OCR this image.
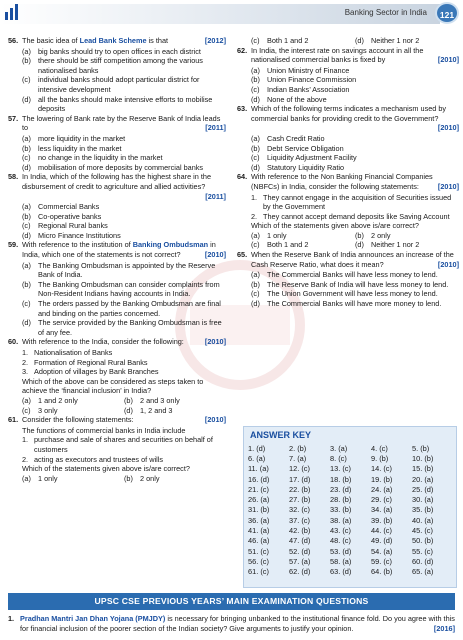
Banking Sector in India	121
56. The basic idea of Lead Bank Scheme is that	[2012]
(a) big banks should try to open offices in each district
(b) there should be stiff competition among the various nationalised banks
(c)	individual banks should adopt particular district for intensive development
(d) all the banks should make intensive efforts to mobilise deposits
57. The lowering of Bank rate by the Reserve Bank of India leads to	[2011]
(a) more liquidity in the market
(b) less liquidity in the market
(c)	no change in the liquidity in the market
(d) mobilisation of more deposits by commercial banks
58. In India, which of the following has the highest share in the disbursement of credit to agriculture and allied activities?
[2011]
(a) Commercial Banks
(b) Co-operative banks
(c)	Regional Rural banks
(d) Micro Finance Institutions
59. With reference to the institution of Banking Ombudsman in India, which one of the statements is not correct?	[2010]
(a) The Banking Ombudsman is appointed by the Reserve Bank of India.
(b) The Banking Ombudsman can consider complaints from Non-Resident Indians having accounts in India.
(c)	The orders passed by the Banking Ombudsman are final and binding on the parties concerned.
(d) The service provided by the Banking Ombudsman is free of any fee.
60. With reference to the India, consider the following:	[2010]
1. Nationalisation of Banks
2. Formation of Regional Rural Banks
3. Adoption of villages by Bank Branches
Which of the above can be considered as steps taken to achieve the ‘financial inclusion’ in India?
(a) 1 and 2 only	(b) 2 and 3 only
(c)	3 only	(d) 1, 2 and 3
61. Consider the following statements:	[2010]
The functions of commercial banks in India include
1. purchase and sale of shares and securities on behalf of customers
2. acting as executors and trustees of wills
Which of the statements given above is/are correct?
(a) 1 only	(b) 2 only
(c)	Both 1 and 2	(d) Neither 1 nor 2
62. In India, the interest rate on savings account in all the nationalised commercial banks is fixed by	[2010]
(a) Union Ministry of Finance
(b) Union Finance Commission
(c)	Indian Banks’ Association
(d) None of the above
63. Which of the following terms indicates a mechanism used by commercial banks for providing credit to the Government?
[2010]
(a) Cash Credit Ratio
(b) Debt Service Obligation
(c)	Liquidity Adjustment Facility
(d) Statutory Liquidity Ratio
64. With reference to the Non Banking Financial Companies (NBFCs) in India, consider the following statements:	[2010]
1. They cannot engage in the acquisition of Securities issued by the Government
2. They cannot accept demand deposits like Saving Account
Which of the statements given above is/are correct?
(a) 1 only	(b) 2 only
(c)	Both 1 and 2	(d) Neither 1 nor 2
65. When the Reserve Bank of India announces an increase of the Cash Reserve Ratio, what does it mean?	[2010]
(a) The Commercial Banks will have less money to lend.
(b) The Reserve Bank of India will have less money to lend.
(c)	The Union Government will have less money to lend.
(d) The Commercial Banks will have more money to lend.
ANSWER KEY
1. (d)	2. (b)	3. (a)	4. (c)	5. (b)
6. (a)	7. (a)	8. (c)	9. (b)	10. (b)
11. (a)	12. (c)	13. (c)	14. (c)	15. (b)
16. (d)	17. (d)	18. (b)	19. (b)	20. (a)
21. (c)	22. (b)	23. (d)	24. (a)	25. (d)
26. (a)	27. (b)	28. (b)	29. (c)	30. (a)
31. (b)	32. (c)	33. (b)	34. (a)	35. (b)
36. (a)	37. (c)	38. (a)	39. (b)	40. (a)
41. (a)	42. (b)	43. (c)	44. (c)	45. (c)
46. (a)	47. (d)	48. (c)	49. (d)	50. (b)
51. (c)	52. (d)	53. (d)	54. (a)	55. (c)
56. (c)	57. (a)	58. (a)	59. (c)	60. (d)
61. (c)	62. (d)	63. (d)	64. (b)	65. (a)
UPSC CSE PREVIOUS YEARS’ MAIN EXAMINATION QUESTIONS
1. Pradhan Mantri Jan Dhan Yojana (PMJDY) is necessary for bringing unbanked to the institutional finance fold. Do you agree with this for financial inclusion of the poorer section of the Indian society? Give arguments to justify your opinion.	[2016]
